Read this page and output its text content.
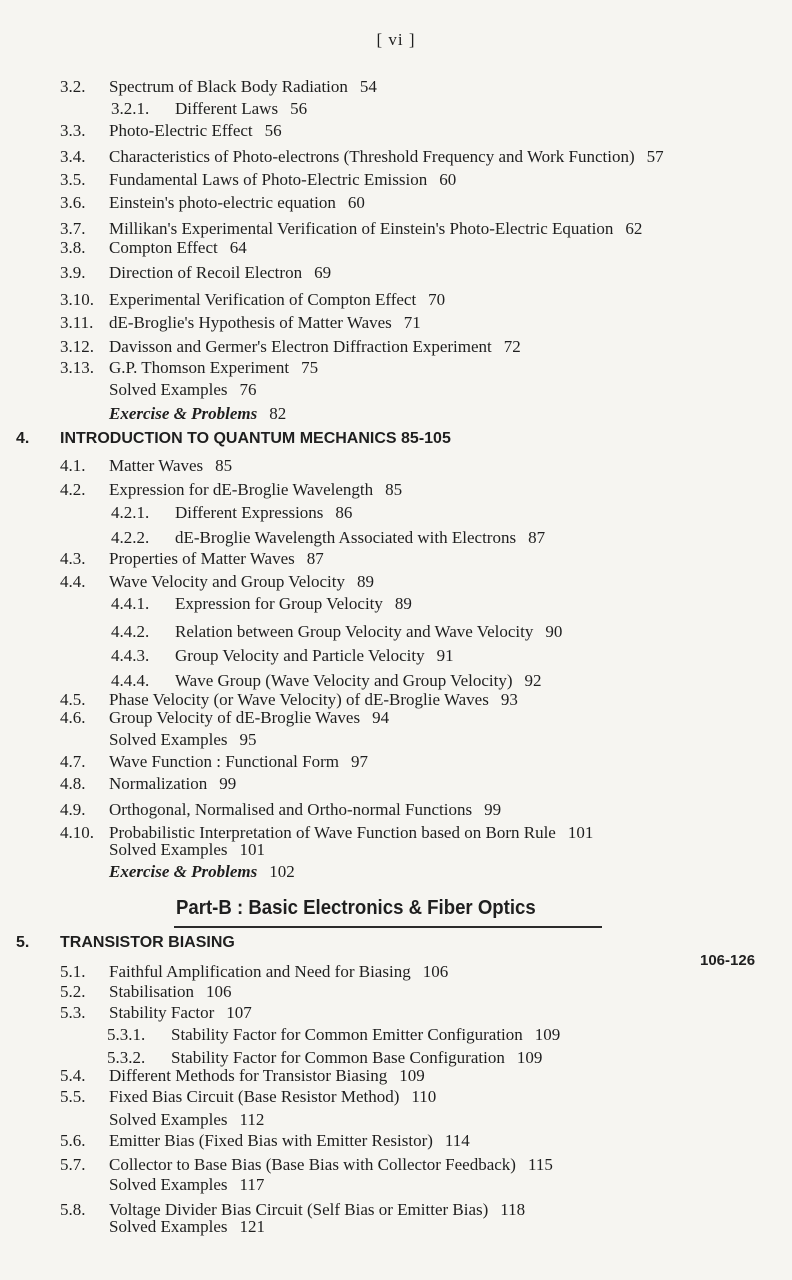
[ vi ]
3.2. Spectrum of Black Body Radiation 54
3.2.1. Different Laws 56
3.3. Photo-Electric Effect 56
3.4. Characteristics of Photo-electrons (Threshold Frequency and Work Function) 57
3.5. Fundamental Laws of Photo-Electric Emission 60
3.6. Einstein's photo-electric equation 60
3.7. Millikan's Experimental Verification of Einstein's Photo-Electric Equation 62
3.8. Compton Effect 64
3.9. Direction of Recoil Electron 69
3.10. Experimental Verification of Compton Effect 70
3.11. dE-Broglie's Hypothesis of Matter Waves 71
3.12. Davisson and Germer's Electron Diffraction Experiment 72
3.13. G.P. Thomson Experiment 75
Solved Examples 76
Exercise & Problems 82
4.1. Matter Waves 85
4.2. Expression for dE-Broglie Wavelength 85
4.2.1. Different Expressions 86
4.2.2. dE-Broglie Wavelength Associated with Electrons 87
4.3. Properties of Matter Waves 87
4.4. Wave Velocity and Group Velocity 89
4.4.1. Expression for Group Velocity 89
4.4.2. Relation between Group Velocity and Wave Velocity 90
4.4.3. Group Velocity and Particle Velocity 91
4.4.4. Wave Group (Wave Velocity and Group Velocity) 92
4.5. Phase Velocity (or Wave Velocity) of dE-Broglie Waves 93
4.6. Group Velocity of dE-Broglie Waves 94
Solved Examples 95
4.7. Wave Function : Functional Form 97
4.8. Normalization 99
4.9. Orthogonal, Normalised and Ortho-normal Functions 99
4.10. Probabilistic Interpretation of Wave Function based on Born Rule 101
Solved Examples 101
Exercise & Problems 102
5.1. Faithful Amplification and Need for Biasing 106
5.2. Stabilisation 106
5.3. Stability Factor 107
5.3.1. Stability Factor for Common Emitter Configuration 109
5.3.2. Stability Factor for Common Base Configuration 109
5.4. Different Methods for Transistor Biasing 109
5.5. Fixed Bias Circuit (Base Resistor Method) 110
Solved Examples 112
5.6. Emitter Bias (Fixed Bias with Emitter Resistor) 114
5.7. Collector to Base Bias (Base Bias with Collector Feedback) 115
Solved Examples 117
5.8. Voltage Divider Bias Circuit (Self Bias or Emitter Bias) 118
Solved Examples 121
4. INTRODUCTION TO QUANTUM MECHANICS 85-105
Part-B : Basic Electronics & Fiber Optics
5. TRANSISTOR BIASING
106-126
